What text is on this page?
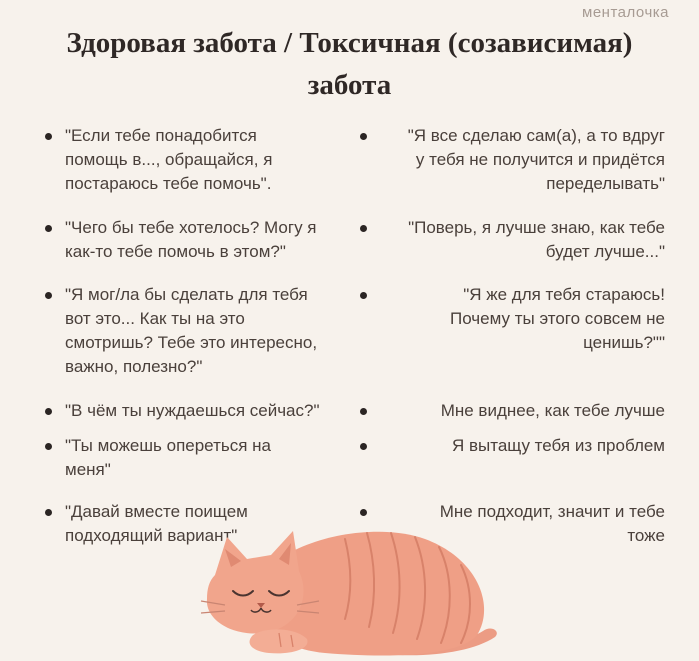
менталочка
Здоровая забота / Токсичная (созависимая)
забота
"Если тебе понадобится
помощь в..., обращайся, я
постараюсь тебе помочь".
"Чего бы тебе хотелось? Могу я
как-то тебе помочь в этом?"
"Я мог/ла бы сделать для тебя
вот это... Как ты на это
смотришь? Тебе это интересно,
важно, полезно?"
"В чём ты нуждаешься сейчас?"
"Ты можешь опереться на
меня"
"Давай вместе поищем
подходящий вариант"
"Я все сделаю сам(а), а то вдруг
у тебя не получится и придётся
переделывать"
"Поверь, я лучше знаю, как тебе
будет лучше..."
"Я же для тебя стараюсь!
Почему ты этого совсем не
ценишь?""
Мне виднее, как тебе лучше
Я вытащу тебя из проблем
Мне подходит, значит и тебе
тоже
